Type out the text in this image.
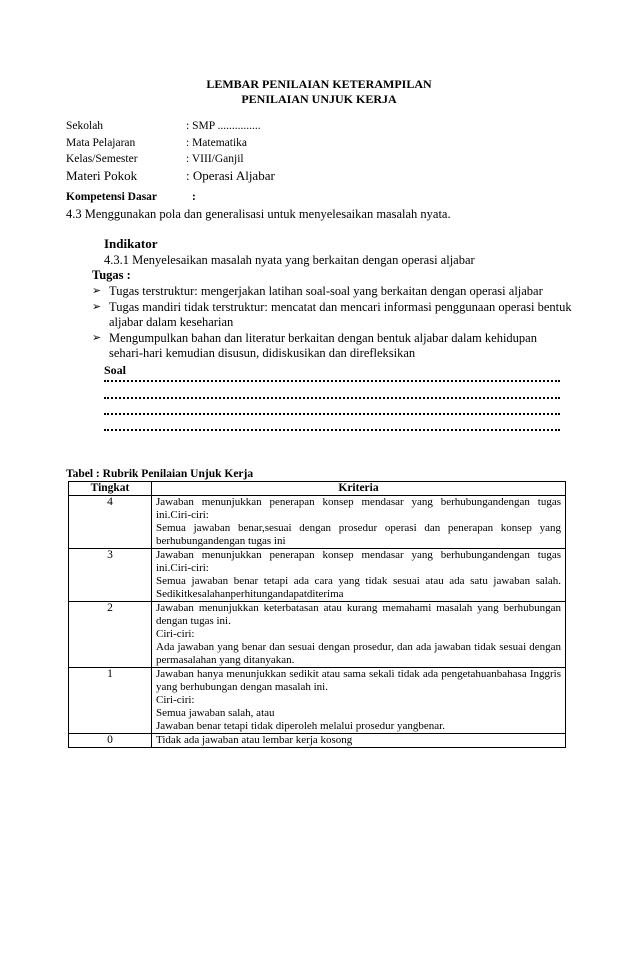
LEMBAR PENILAIAN KETERAMPILAN
PENILAIAN UNJUK KERJA
Sekolah	: SMP ...............
Mata Pelajaran	: Matematika
Kelas/Semester	: VIII/Ganjil
Materi Pokok	: Operasi Aljabar
Kompetensi Dasar	:
4.3 Menggunakan pola dan generalisasi untuk menyelesaikan masalah nyata.
Indikator
4.3.1 Menyelesaikan masalah nyata yang berkaitan dengan operasi aljabar
Tugas :
➢ Tugas terstruktur: mengerjakan latihan soal-soal yang berkaitan dengan operasi aljabar
➢ Tugas mandiri tidak terstruktur: mencatat dan mencari informasi penggunaan operasi bentuk aljabar dalam keseharian
➢ Mengumpulkan bahan dan literatur berkaitan dengan bentuk aljabar dalam kehidupan sehari-hari kemudian disusun, didiskusikan dan direfleksikan
Soal
Tabel : Rubrik Penilaian Unjuk Kerja
Tingkat	Kriteria
4	Jawaban menunjukkan penerapan konsep mendasar yang berhubungandengan tugas ini.Ciri-ciri:
Semua jawaban benar,sesuai dengan prosedur operasi dan penerapan konsep yang berhubungandengan tugas ini

3	Jawaban menunjukkan penerapan konsep mendasar yang berhubungandengan tugas ini.Ciri-ciri:
Semua jawaban benar tetapi ada cara yang tidak sesuai atau ada satu jawaban salah. Sedikitkesalahanperhitungandapatditerima

2	Jawaban menunjukkan keterbatasan atau kurang memahami masalah yang berhubungan dengan tugas ini.
Ciri-ciri:
Ada jawaban yang benar dan sesuai dengan prosedur, dan ada jawaban tidak sesuai dengan permasalahan yang ditanyakan.

1	Jawaban hanya menunjukkan sedikit atau sama sekali tidak ada pengetahuanbahasa Inggris yang berhubungan dengan masalah ini.
Ciri-ciri:
Semua jawaban salah, atau
Jawaban benar tetapi tidak diperoleh melalui prosedur yangbenar.

0	Tidak ada jawaban atau lembar kerja kosong
